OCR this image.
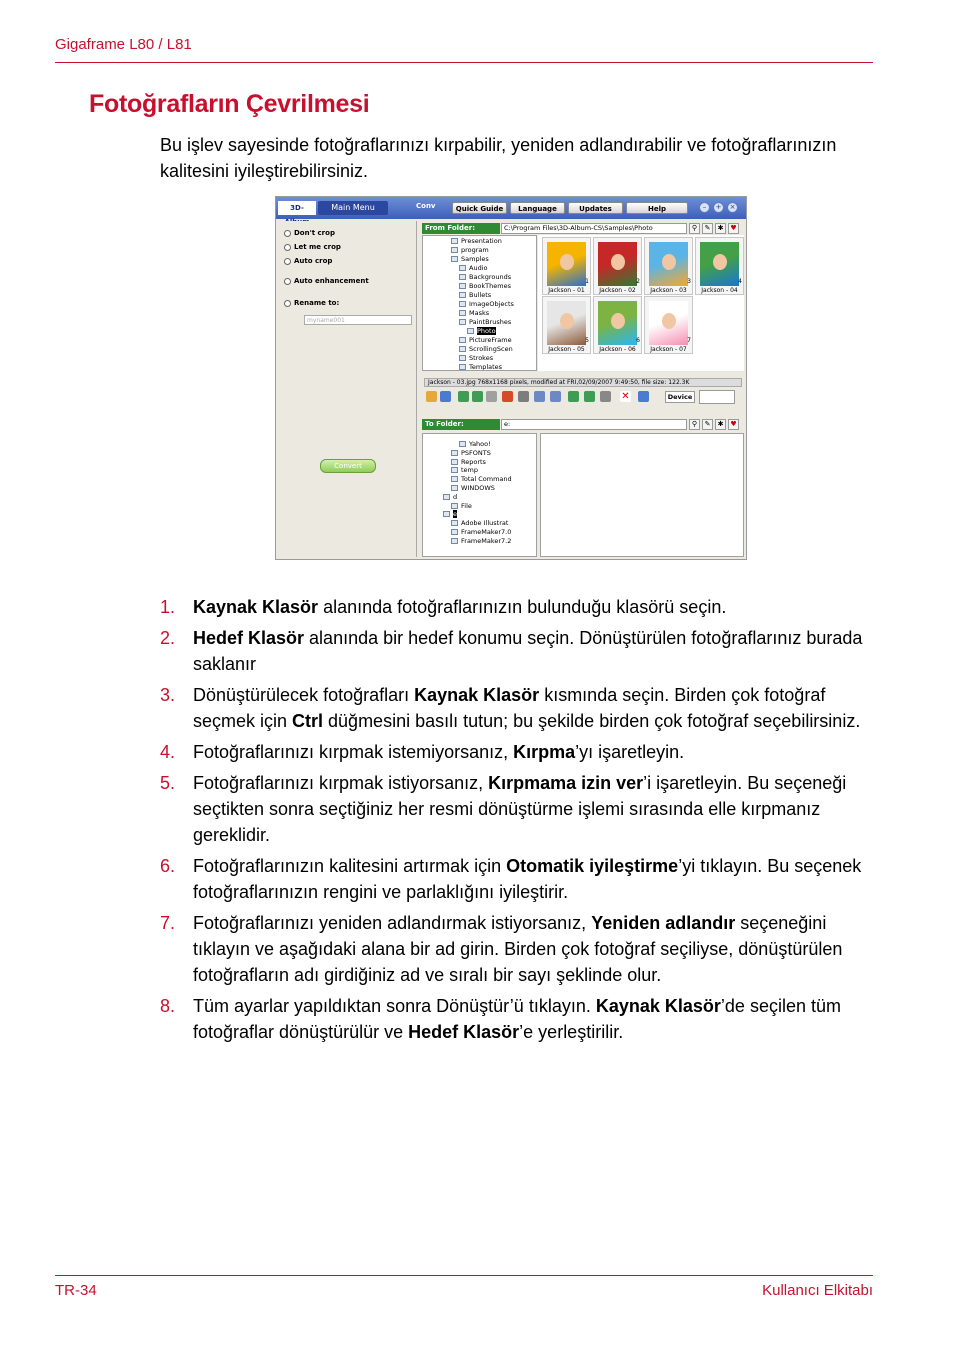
Gigaframe L80 / L81
Fotoğrafların Çevrilmesi
Bu işlev sayesinde fotoğraflarınızı kırpabilir, yeniden adlandırabilir ve fotoğraflarınızın kalitesini iyileştirebilirsiniz.
3D-	Main Menu	Conv	Quick Guide	Language	Updates	Help	–	+	×
Don't crop
Let me crop
Auto crop
Auto enhancement
Rename to:
myname001
Convert
From Folder:	C:\Program Files\3D-Album-CS\Samples\Photo	⚲ ✎ ✱ ♥
Presentation
program
Samples
Audio
Backgrounds
BookThemes
Bullets
ImageObjects
Masks
PaintBrushes
Photo
PictureFrame
ScrollingScen
Strokes
Templates
1
Jackson - 01
2
Jackson - 02
3
Jackson - 03
4
Jackson - 04
5
Jackson - 05
6
Jackson - 06
7
Jackson - 07
Jackson - 03.jpg 768x1168 pixels, modified at FRI,02/09/2007 9:49:50, file size: 122.3K
✕	Device
To Folder:	e:	⚲ ✎ ✱ ♥
Yahoo!
PSFONTS
Reports
temp
Total Command
WINDOWS
d
File
e
Adobe Illustrat
FrameMaker7.0
FrameMaker7.2
1. Kaynak Klasör alanında fotoğraflarınızın bulunduğu klasörü seçin.
2. Hedef Klasör alanında bir hedef konumu seçin. Dönüştürülen fotoğraflarınız burada saklanır
3. Dönüştürülecek fotoğrafları Kaynak Klasör kısmında seçin. Birden çok fotoğraf seçmek için Ctrl düğmesini basılı tutun; bu şekilde birden çok fotoğraf seçebilirsiniz.
4. Fotoğraflarınızı kırpmak istemiyorsanız, Kırpma’yı işaretleyin.
5. Fotoğraflarınızı kırpmak istiyorsanız, Kırpmama izin ver’i işaretleyin. Bu seçeneği seçtikten sonra seçtiğiniz her resmi dönüştürme işlemi sırasında elle kırpmanız gereklidir.
6. Fotoğraflarınızın kalitesini artırmak için Otomatik iyileştirme’yi tıklayın. Bu seçenek fotoğraflarınızın rengini ve parlaklığını iyileştirir.
7. Fotoğraflarınızı yeniden adlandırmak istiyorsanız, Yeniden adlandır seçeneğini tıklayın ve aşağıdaki alana bir ad girin. Birden çok fotoğraf seçiliyse, dönüştürülen fotoğrafların adı girdiğiniz ad ve sıralı bir sayı şeklinde olur.
8. Tüm ayarlar yapıldıktan sonra Dönüştür’ü tıklayın. Kaynak Klasör’de seçilen tüm fotoğraflar dönüştürülür ve Hedef Klasör’e yerleştirilir.
TR-34	Kullanıcı Elkitabı
